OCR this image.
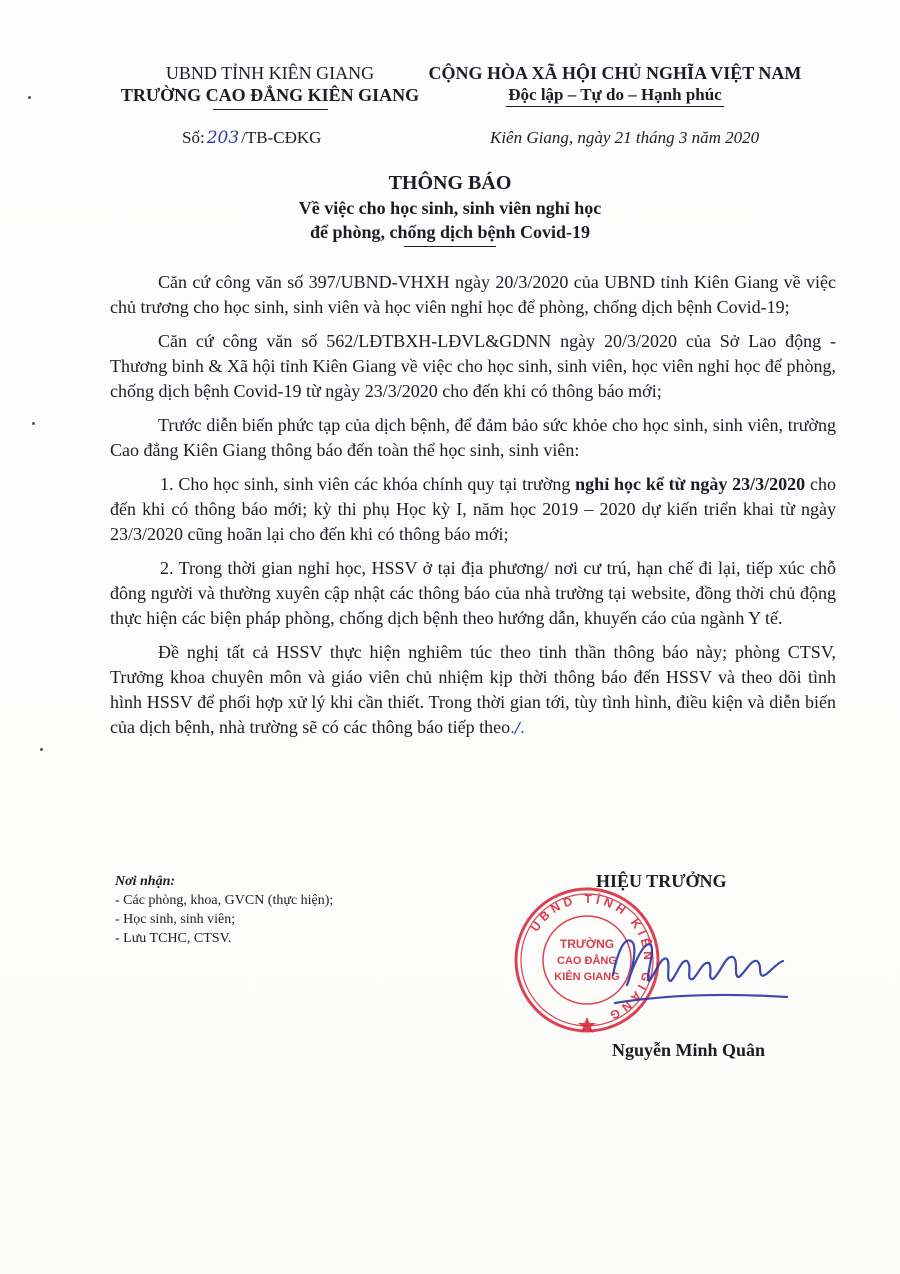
UBND TỈNH KIÊN GIANG
TRƯỜNG CAO ĐẲNG KIÊN GIANG
CỘNG HÒA XÃ HỘI CHỦ NGHĨA VIỆT NAM
Độc lập – Tự do – Hạnh phúc
Số: 203 /TB-CĐKG	Kiên Giang, ngày 21 tháng 3 năm 2020
THÔNG BÁO
Về việc cho học sinh, sinh viên nghỉ học
để phòng, chống dịch bệnh Covid-19

Căn cứ công văn số 397/UBND-VHXH ngày 20/3/2020 của UBND tỉnh Kiên Giang về việc chủ trương cho học sinh, sinh viên và học viên nghỉ học để phòng, chống dịch bệnh Covid-19;

Căn cứ công văn số 562/LĐTBXH-LĐVL&GDNN ngày 20/3/2020 của Sở Lao động - Thương binh & Xã hội tỉnh Kiên Giang về việc cho học sinh, sinh viên, học viên nghỉ học để phòng, chống dịch bệnh Covid-19 từ ngày 23/3/2020 cho đến khi có thông báo mới;

Trước diễn biến phức tạp của dịch bệnh, để đảm bảo sức khỏe cho học sinh, sinh viên, trường Cao đẳng Kiên Giang thông báo đến toàn thể học sinh, sinh viên:

1. Cho học sinh, sinh viên các khóa chính quy tại trường nghỉ học kể từ ngày 23/3/2020 cho đến khi có thông báo mới; kỳ thi phụ Học kỳ I, năm học 2019 – 2020 dự kiến triển khai từ ngày 23/3/2020 cũng hoãn lại cho đến khi có thông báo mới;

2. Trong thời gian nghỉ học, HSSV ở tại địa phương/ nơi cư trú, hạn chế đi lại, tiếp xúc chỗ đông người và thường xuyên cập nhật các thông báo của nhà trường tại website, đồng thời chủ động thực hiện các biện pháp phòng, chống dịch bệnh theo hướng dẫn, khuyến cáo của ngành Y tế.

Đề nghị tất cả HSSV thực hiện nghiêm túc theo tinh thần thông báo này; phòng CTSV, Trưởng khoa chuyên môn và giáo viên chủ nhiệm kịp thời thông báo đến HSSV và theo dõi tình hình HSSV để phối hợp xử lý khi cần thiết. Trong thời gian tới, tùy tình hình, điều kiện và diễn biến của dịch bệnh, nhà trường sẽ có các thông báo tiếp theo./.

Nơi nhận:
- Các phòng, khoa, GVCN (thực hiện);
- Học sinh, sinh viên;
- Lưu TCHC, CTSV.
HIỆU TRƯỞNG
UBND TỈNH KIÊN GIANG
TRƯỜNG
CAO ĐẲNG
KIÊN GIANG
Nguyễn Minh Quân
